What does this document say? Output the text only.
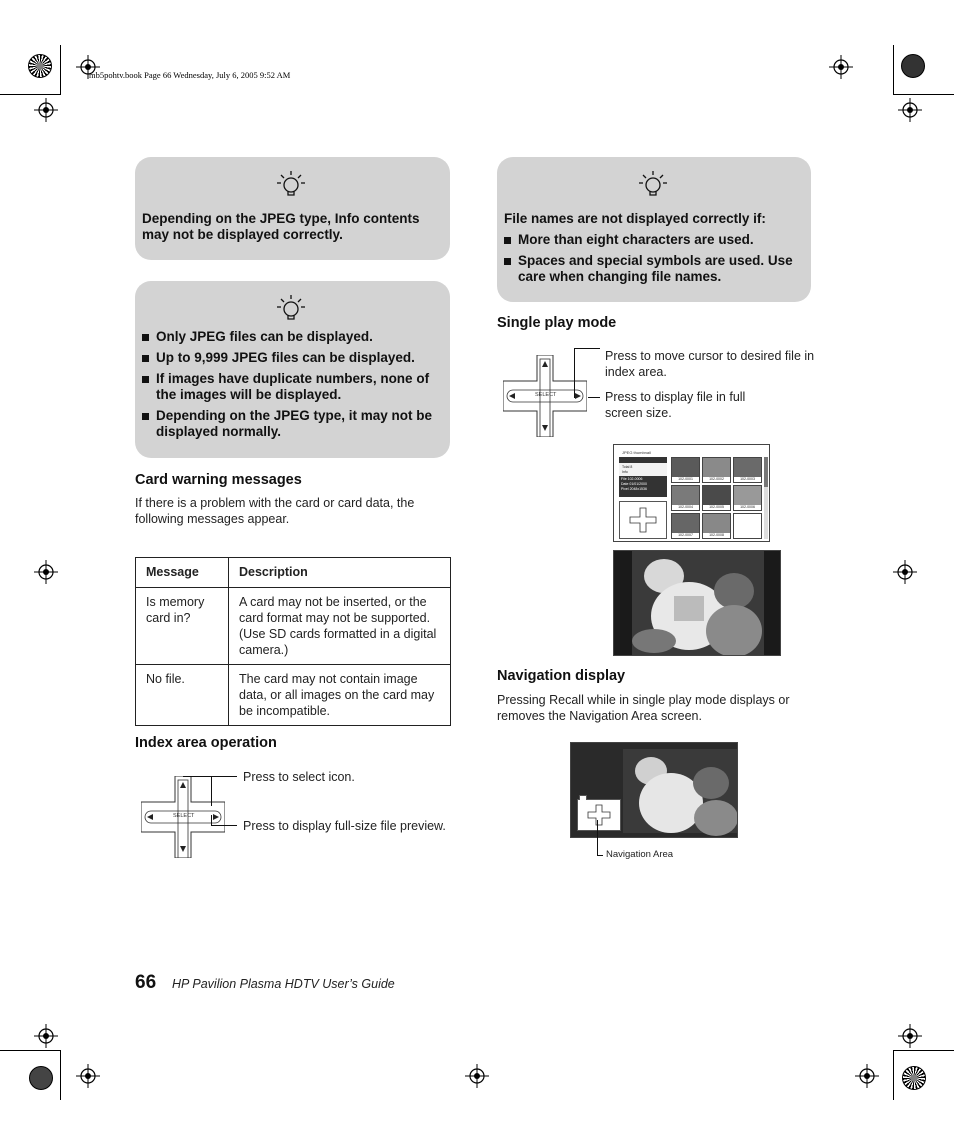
mb5pohtv.book Page 66 Wednesday, July 6, 2005 9:52 AM
Depending on the JPEG type, Info contents may not be displayed correctly.
Only JPEG files can be displayed.
Up to 9,999 JPEG files can be displayed.
If images have duplicate numbers, none of the images will be displayed.
Depending on the JPEG type, it may not be displayed normally.
File names are not displayed correctly if:
More than eight characters are used.
Spaces and special symbols are used. Use care when changing file names.
Card warning messages
If there is a problem with the card or card data, the following messages appear.
Message	Description
Is memory card in?	A card may not be inserted, or the card format may not be supported. (Use SD cards formatted in a digital camera.)
No file.	The card may not contain image data, or all images on the card may be incompatible.
Index area operation
SELECT
Press to select icon.
Press to display full-size file preview.
Single play mode
SELECT
Press to move cursor to desired file in index area.
Press to display file in full screen size.
JPEG thumbnail
Total 8
Info
File 102-0006
Date 01/01/2000
Pixel 2048x1536
102-0001	102-0002	102-0003
102-0004	102-0005	102-0006
102-0007	102-0008
Navigation display
Pressing Recall while in single play mode displays or removes the Navigation Area screen.
Navigation Area
66 HP Pavilion Plasma HDTV User’s Guide
